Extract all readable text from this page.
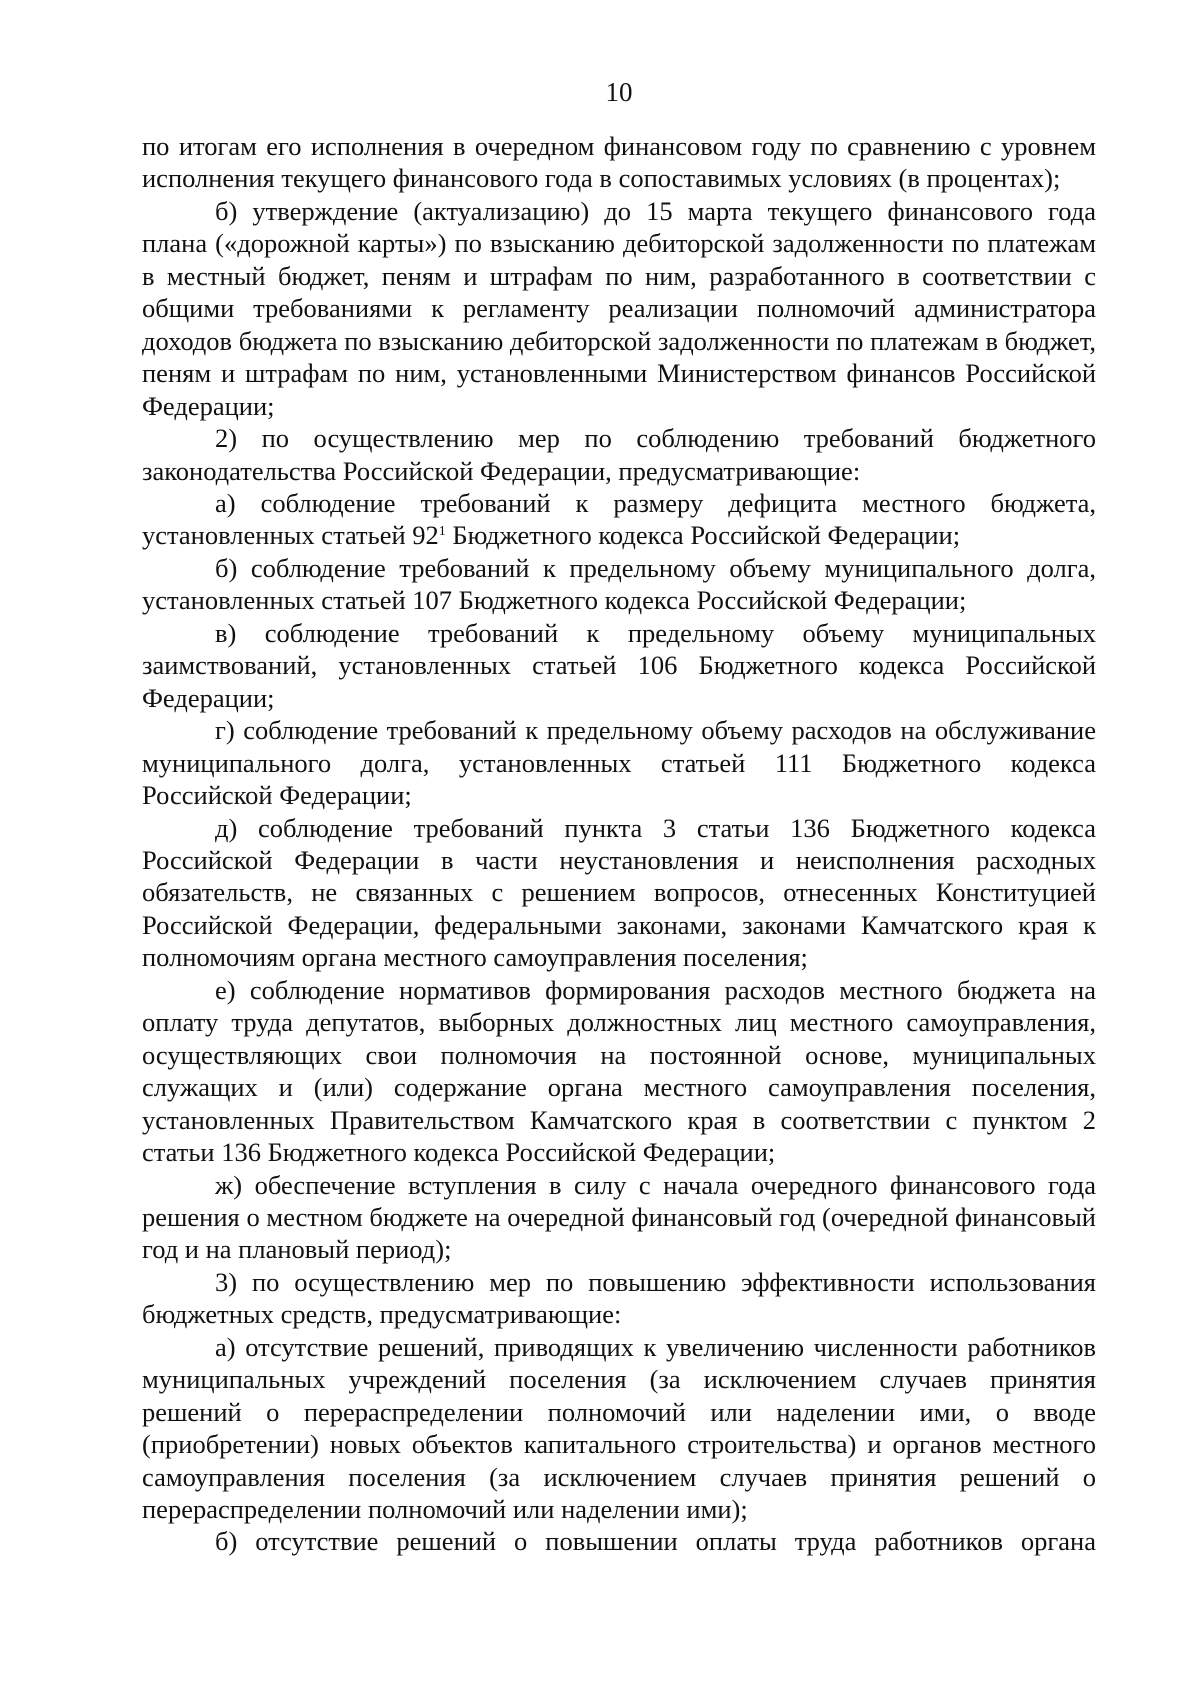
10

по итогам его исполнения в очередном финансовом году по сравнению с уровнем исполнения текущего финансового года в сопоставимых условиях (в процентах);

б) утверждение (актуализацию) до 15 марта текущего финансового года плана («дорожной карты») по взысканию дебиторской задолженности по платежам в местный бюджет, пеням и штрафам по ним, разработанного в соответствии с общими требованиями к регламенту реализации полномочий администратора доходов бюджета по взысканию дебиторской задолженности по платежам в бюджет, пеням и штрафам по ним, установленными Министерством финансов Российской Федерации;

2) по осуществлению мер по соблюдению требований бюджетного законодательства Российской Федерации, предусматривающие:

а) соблюдение требований к размеру дефицита местного бюджета, установленных статьей $92^1$ Бюджетного кодекса Российской Федерации;

б) соблюдение требований к предельному объему муниципального долга, установленных статьей 107 Бюджетного кодекса Российской Федерации;

в) соблюдение требований к предельному объему муниципальных заимствований, установленных статьей 106 Бюджетного кодекса Российской Федерации;

г) соблюдение требований к предельному объему расходов на обслуживание муниципального долга, установленных статьей 111 Бюджетного кодекса Российской Федерации;

д) соблюдение требований пункта 3 статьи 136 Бюджетного кодекса Российской Федерации в части неустановления и неисполнения расходных обязательств, не связанных с решением вопросов, отнесенных Конституцией Российской Федерации, федеральными законами, законами Камчатского края к полномочиям органа местного самоуправления поселения;

е) соблюдение нормативов формирования расходов местного бюджета на оплату труда депутатов, выборных должностных лиц местного самоуправления, осуществляющих свои полномочия на постоянной основе, муниципальных служащих и (или) содержание органа местного самоуправления поселения, установленных Правительством Камчатского края в соответствии с пунктом 2 статьи 136 Бюджетного кодекса Российской Федерации;

ж) обеспечение вступления в силу с начала очередного финансового года решения о местном бюджете на очередной финансовый год (очередной финансовый год и на плановый период);

3) по осуществлению мер по повышению эффективности использования бюджетных средств, предусматривающие:

а) отсутствие решений, приводящих к увеличению численности работников муниципальных учреждений поселения (за исключением случаев принятия решений о перераспределении полномочий или наделении ими, о вводе (приобретении) новых объектов капитального строительства) и органов местного самоуправления поселения (за исключением случаев принятия решений о перераспределении полномочий или наделении ими);

б) отсутствие решений о повышении оплаты труда работников органа
